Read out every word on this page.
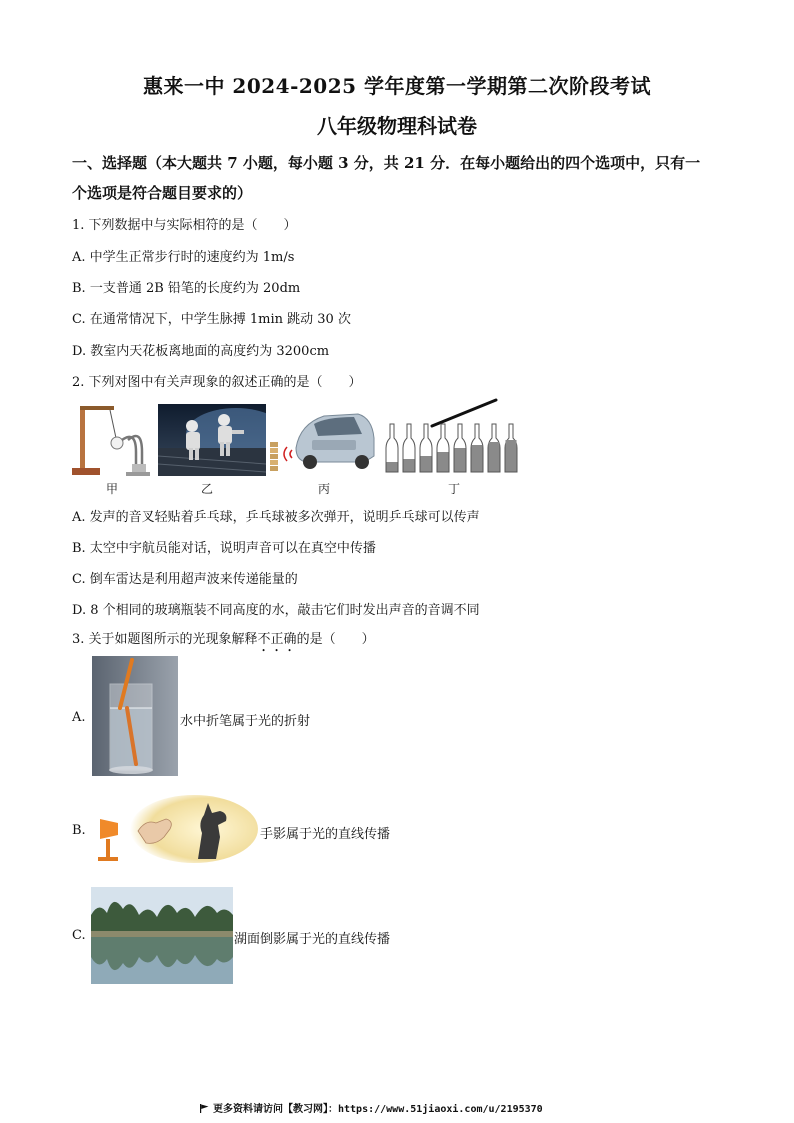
惠来一中 2024-2025 学年度第一学期第二次阶段考试
八年级物理科试卷
一、选择题（本大题共 7 小题，每小题 3 分，共 21 分．在每小题给出的四个选项中，只有一
个选项是符合题目要求的）
1. 下列数据中与实际相符的是（　　）
A. 中学生正常步行时的速度约为 1m/s
B. 一支普通 2B 铅笔的长度约为 20dm
C. 在通常情况下，中学生脉搏 1min 跳动 30 次
D. 教室内天花板离地面的高度约为 3200cm
2. 下列对图中有关声现象的叙述正确的是（　　）
甲	乙	丙	丁
A. 发声的音叉轻贴着乒乓球，乒乓球被多次弹开，说明乒乓球可以传声
B. 太空中宇航员能对话，说明声音可以在真空中传播
C. 倒车雷达是利用超声波来传递能量的
D. 8 个相同的玻璃瓶装不同高度的水，敲击它们时发出声音的音调不同
3. 关于如题图所示的光现象解释不正确的是（　　）
A.	水中折笔属于光的折射
B.	手影属于光的直线传播
C.	湖面倒影属于光的直线传播
更多资料请访问【教习网】：https://www.51jiaoxi.com/u/2195370
